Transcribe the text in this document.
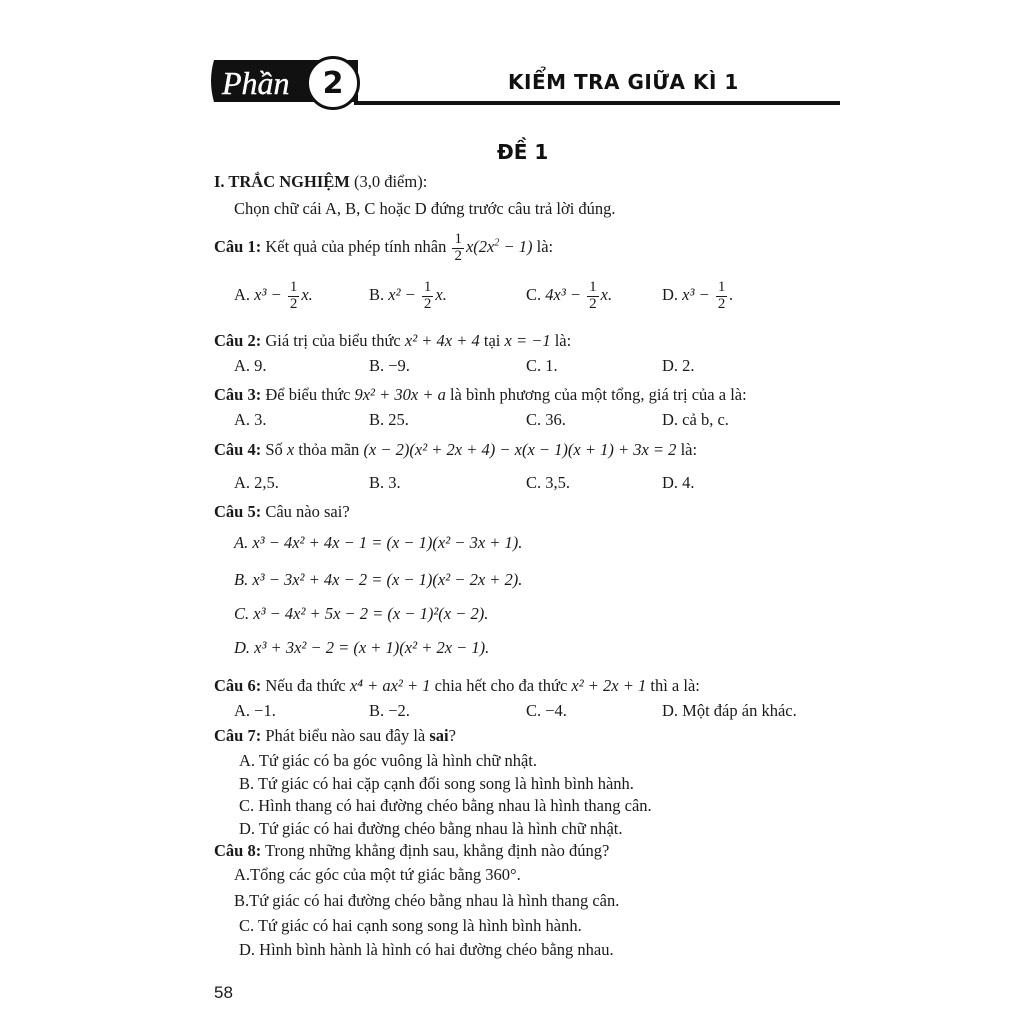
Phần	2	KIỂM TRA GIỮA KÌ 1
ĐỀ 1
I. TRẮC NGHIỆM (3,0 điểm):
Chọn chữ cái A, B, C hoặc D đứng trước câu trả lời đúng.
Câu 1: Kết quả của phép tính nhân $\frac{1}{2} x(2x^2 - 1)$ là:
A. $x^3 - \frac{1}{2} x$.	B. $x^2 - \frac{1}{2} x$.	C. $4x^3 - \frac{1}{2} x$.	D. $x^3 - \frac{1}{2}$ .
Câu 2: Giá trị của biểu thức x² + 4x + 4 tại x = −1 là:
A. 9.	B. −9.	C. 1.	D. 2.
Câu 3: Để biểu thức 9x² + 30x + a là bình phương của một tổng, giá trị của a là:
A. 3.	B. 25.	C. 36.	D. cả b, c.
Câu 4: Số x thỏa mãn (x − 2)(x² + 2x + 4) − x(x − 1)(x + 1) + 3x = 2 là:
A. 2,5.	B. 3.	C. 3,5.	D. 4.
Câu 5: Câu nào sai?
A. x³ − 4x² + 4x − 1 = (x − 1)(x² − 3x + 1).
B. x³ − 3x² + 4x − 2 = (x − 1)(x² − 2x + 2).
C. x³ − 4x² + 5x − 2 = (x − 1)²(x − 2).
D. x³ + 3x² − 2 = (x + 1)(x² + 2x − 1).
Câu 6: Nếu đa thức x⁴ + ax² + 1 chia hết cho đa thức x² + 2x + 1 thì a là:
A. −1.	B. −2.	C. −4.	D. Một đáp án khác.
Câu 7: Phát biểu nào sau đây là sai?
A. Tứ giác có ba góc vuông là hình chữ nhật.
B. Tứ giác có hai cặp cạnh đối song song là hình bình hành.
C. Hình thang có hai đường chéo bằng nhau là hình thang cân.
D. Tứ giác có hai đường chéo bằng nhau là hình chữ nhật.
Câu 8: Trong những khẳng định sau, khẳng định nào đúng?
A.Tổng các góc của một tứ giác bằng 360°.
B.Tứ giác có hai đường chéo bằng nhau là hình thang cân.
C. Tứ giác có hai cạnh song song là hình bình hành.
D. Hình bình hành là hình có hai đường chéo bằng nhau.
58
